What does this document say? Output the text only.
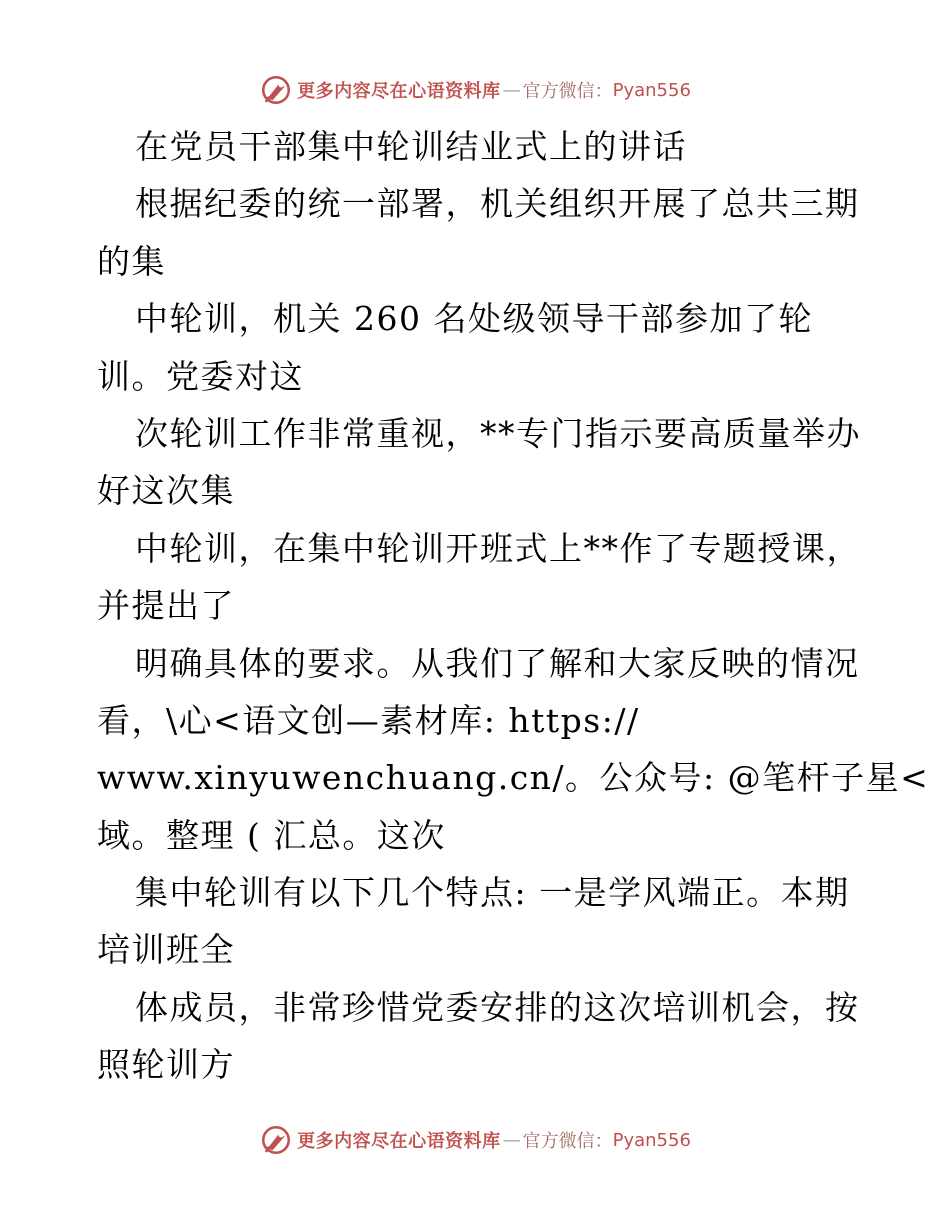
更多内容尽在心语资料库 — 官方微信： Pyan556
在党员干部集中轮训结业式上的讲话
根据纪委的统一部署，机关组织开展了总共三期
的集
中轮训，机关 260 名处级领导干部参加了轮
训。党委对这
次轮训工作非常重视，**专门指示要高质量举办
好这次集
中轮训，在集中轮训开班式上**作了专题授课，
并提出了
明确具体的要求。从我们了解和大家反映的情况
看，\心<语文创—素材库: https://
www.xinyuwenchuang.cn/。公众号: @笔杆子星<
域。整理 ( 汇总。这次
集中轮训有以下几个特点: 一是学风端正。本期
培训班全
体成员，非常珍惜党委安排的这次培训机会，按
照轮训方
更多内容尽在心语资料库 — 官方微信： Pyan556
